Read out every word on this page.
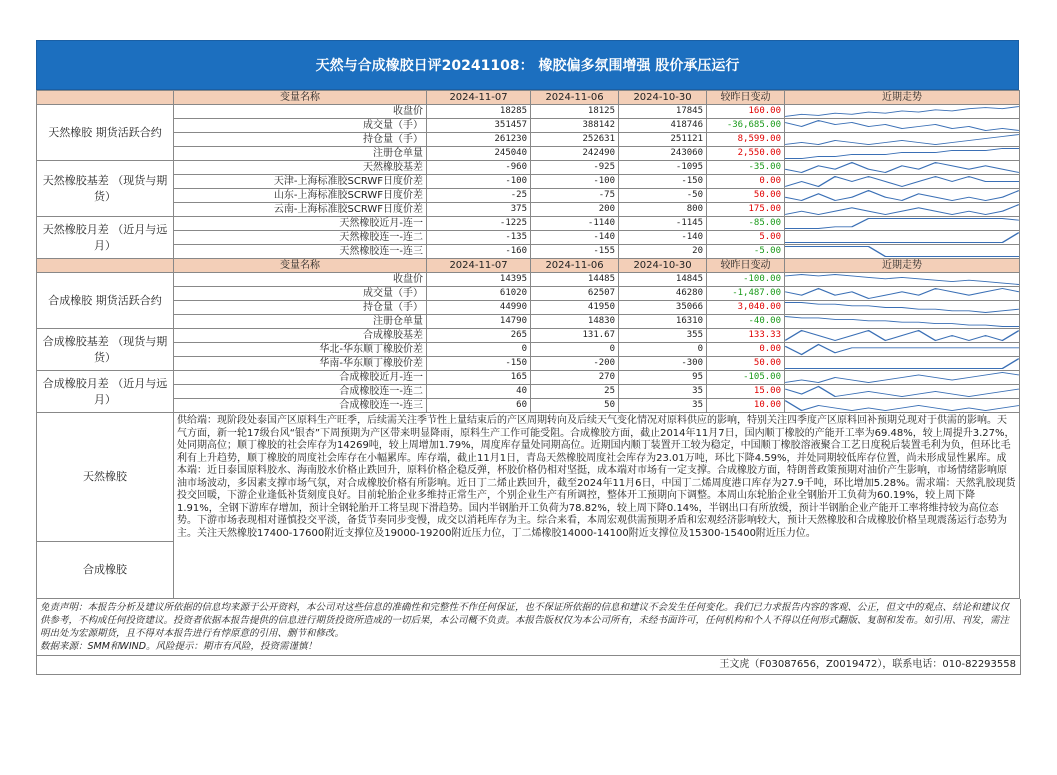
天然与合成橡胶日评20241108： 橡胶偏多氛围增强 股价承压运行
	变量名称	2024-11-07	2024-11-06	2024-10-30	较昨日变动	近期走势
天然橡胶 期货活跃合约	收盘价	18285	18125	17845	160.00	

	成交量（手）	351457	388142	418746	-36,685.00	

	持仓量（手）	261230	252631	251121	8,599.00	

	注册仓单量	245040	242490	243060	2,550.00	

天然橡胶基差 （现货与期货）	天然橡胶基差	-960	-925	-1095	-35.00	

	天津-上海标准胶SCRWF日度价差	-100	-100	-150	0.00	

	山东-上海标准胶SCRWF日度价差	-25	-75	-50	50.00	

	云南-上海标准胶SCRWF日度价差	375	200	800	175.00	

天然橡胶月差 （近月与远月）	天然橡胶近月-连一	-1225	-1140	-1145	-85.00	

	天然橡胶连一-连二	-135	-140	-140	5.00	

	天然橡胶连一-连三	-160	-155	20	-5.00	

	变量名称	2024-11-07	2024-11-06	2024-10-30	较昨日变动	近期走势
合成橡胶 期货活跃合约	收盘价	14395	14485	14845	-100.00	

	成交量（手）	61020	62507	46280	-1,487.00	

	持仓量（手）	44990	41950	35066	3,040.00	

	注册仓单量	14790	14830	16310	-40.00	

合成橡胶基差 （现货与期货）	合成橡胶基差	265	131.67	355	133.33	

	华北-华东顺丁橡胶价差	0	0	0	0.00	

	华南-华东顺丁橡胶价差	-150	-200	-300	50.00	

合成橡胶月差 （近月与远月）	合成橡胶近月-连一	165	270	95	-105.00	

	合成橡胶连一-连二	40	25	35	15.00	

	合成橡胶连一-连三	60	50	35	10.00	

天然橡胶	供给端：现阶段处泰国产区原料生产旺季，后续需关注季节性上量结束后的产区周期转向及后续天气变化情况对原料供应的影响，特别关注四季度产区原料回补预期兑现对于供需的影响。天气方面，新一轮17级台风“银杏”下周预期为产区带来明显降雨，原料生产工作可能受阻。合成橡胶方面，截止2014年11月7日，国内顺丁橡胶的产能开工率为69.48%，较上周提升3.27%，处同期高位；顺丁橡胶的社会库存为14269吨，较上周增加1.79%，周度库存量处同期高位。近期国内顺丁装置开工较为稳定，中国顺丁橡胶溶液聚合工艺日度税后装置毛利为负，但环比毛利有上升趋势，顺丁橡胶的周度社会库存在小幅累库。库存端，截止11月1日，青岛天然橡胶周度社会库存为23.01万吨，环比下降4.59%，并处同期较低库存位置，尚未形成显性累库。成本端：近日泰国原料胶水、海南胶水价格止跌回升，原料价格企稳反弹，杯胶价格仍相对坚挺，成本端对市场有一定支撑。合成橡胶方面，特朗普政策预期对油价产生影响，市场情绪影响原油市场波动，多因素支撑市场气氛，对合成橡胶价格有所影响。近日丁二烯止跌回升，截至2024年11月6日，中国丁二烯周度港口库存为27.9千吨，环比增加5.28%。需求端：天然乳胶现货投交回暖，下游企业逢低补货刻度良好。目前轮胎企业多维持正常生产，个别企业生产有所调控，整体开工预期向下调整。本周山东轮胎企业全钢胎开工负荷为60.19%，较上周下降1.91%，全钢下游库存增加，预计全钢轮胎开工将呈现下滑趋势。国内半钢胎开工负荷为78.82%，较上周下降0.14%，半钢出口有所放缓，预计半钢胎企业产能开工率将维持较为高位态势。下游市场表现相对谨慎投交平淡，备货节奏同步变慢，成交以消耗库存为主。综合来看，本周宏观供需预期矛盾和宏观经济影响较大，预计天然橡胶和合成橡胶价格呈现震荡运行态势为主。关注天然橡胶17400-17600附近支撑位及19000-19200附近压力位，丁二烯橡胶14000-14100附近支撑位及15300-15400附近压力位。					
合成橡胶						
免责声明：本报告分析及建议所依据的信息均来源于公开资料，本公司对这些信息的准确性和完整性不作任何保证，也不保证所依据的信息和建议不会发生任何变化。我们已力求报告内容的客观、公正，但文中的观点、结论和建议仅供参考，不构成任何投资建议。投资者依据本报告提供的信息进行期货投资所造成的一切后果，本公司概不负责。本报告版权仅为本公司所有，未经书面许可，任何机构和个人不得以任何形式翻版、复制和发布。如引用、刊发，需注明出处为宏源期货，且不得对本报告进行有悖原意的引用、删节和修改。
数据来源：SMM和WIND。风险提示：期市有风险，投资需谨慎！
王文虎（F03087656，Z0019472），联系电话：010-82293558
